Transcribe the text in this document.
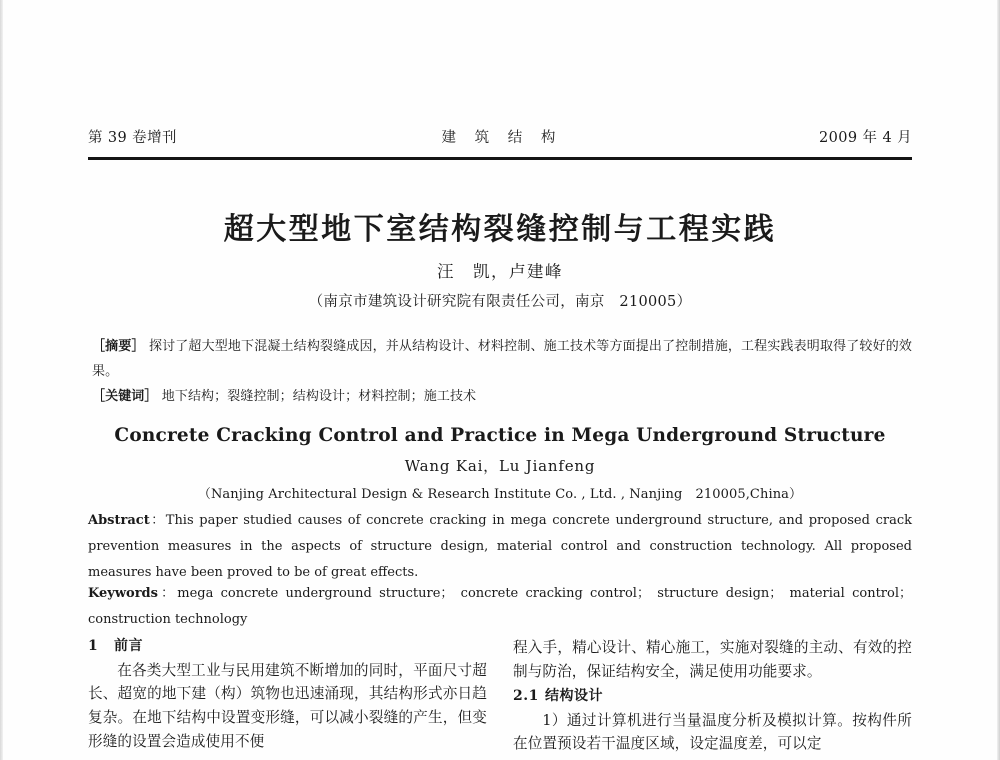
第 39 卷增刊	建 筑 结 构	2009 年 4 月
超大型地下室结构裂缝控制与工程实践
汪　凯，卢建峰
（南京市建筑设计研究院有限责任公司，南京　210005）
［摘要］ 探讨了超大型地下混凝土结构裂缝成因，并从结构设计、材料控制、施工技术等方面提出了控制措施，工程实践表明取得了较好的效果。
［关键词］ 地下结构；裂缝控制；结构设计；材料控制；施工技术
Concrete Cracking Control and Practice in Mega Underground Structure
Wang Kai，Lu Jianfeng
（Nanjing Architectural Design & Research Institute Co. , Ltd. , Nanjing　210005,China）
Abstract：This paper studied causes of concrete cracking in mega concrete underground structure, and proposed crack prevention measures in the aspects of structure design, material control and construction technology. All proposed measures have been proved to be of great effects.
Keywords：mega concrete underground structure； concrete cracking control； structure design； material control； construction technology
1 前言

在各类大型工业与民用建筑不断增加的同时，平面尺寸超长、超宽的地下建（构）筑物也迅速涌现，其结构形式亦日趋复杂。在地下结构中设置变形缝，可以减小裂缝的产生，但变形缝的设置会造成使用不便

程入手，精心设计、精心施工，实施对裂缝的主动、有效的控制与防治，保证结构安全，满足使用功能要求。

2.1 结构设计

1）通过计算机进行当量温度分析及模拟计算。按构件所在位置预设若干温度区域，设定温度差，可以定
